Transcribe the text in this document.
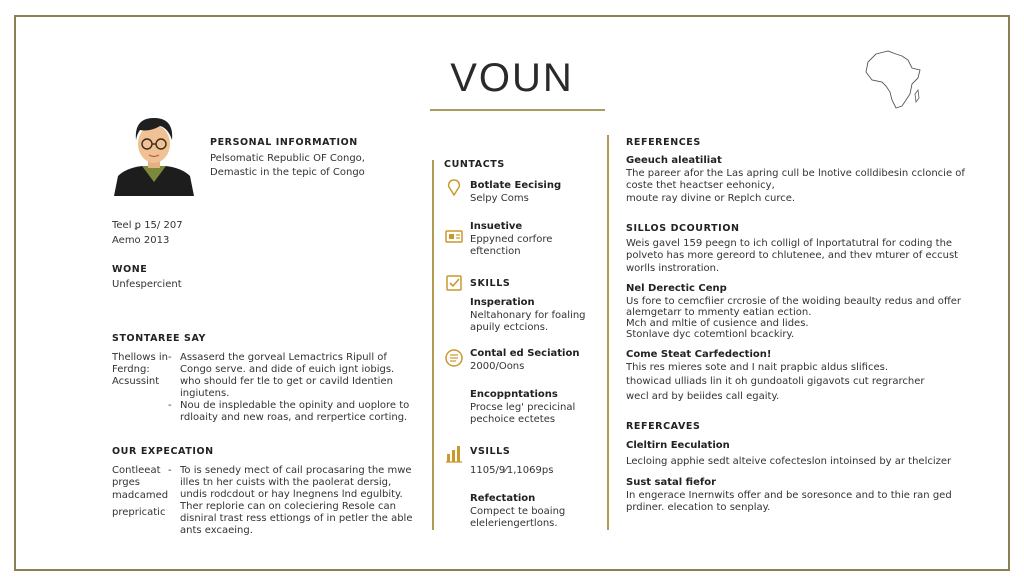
VOUN
PERSONAL INFORMATION
Pelsomatic Republic OF Congo,
Demastic in the tepic of Congo
Teel ꝑ 15/ 207
Aemo 2013
WONE
Unfespercient
STONTAREE SAY
Thellows in
Ferdng:
Acsussint
- Assaserd the gorveal Lemactrics Ripull of Congo serve. and dide of euich ignt iobigs. who should fer tle to get or cavild Identien ingiutens.
- Nou de inspledable the opinity and uoplore to rdloaity and new roas, and rerpertice corting.
OUR EXPECATION
Contleeat
prges
madcamed
prepricatic
- To is senedy mect of cail procasaring the mwe illes tn her cuists with the paolerat dersig, undis rodcdout or hay lnegnens lnd egulbity. Ther replorie can on coleciering Resole can disniral trast ress ettiongs of in petler the able ants excaeing.
CUNTACTS
Botlate Eecising
Selpy Coms
Insuetive
Eppyned corfore
eftenction
SKILLS
Insperation
Neltahonary for foaling
apuily ectcions.
Contal ed Seciation
2000/Oons
Encoppntations
Procse leg' precicinal
pechoice ectetes
VSILLS
1105/9⁄1,1069ps
Refectation
Compect te boaing
eleleriengertlons.
REFERENCES
Geeuch aleatiliat
The pareer afor the Las apring cull be lnotive colldibesin ccloncie of
coste thet heactser eehonicy,
moute ray divine or Replch curce.
SILLOS DCOURTION
Weis gavel 159 peegn to ich colligl of lnportatutral for coding the
polveto has more gereord to chlutenee, and thev mturer of eccust
worlls instroration.
Nel Derectic Cenp
Us fore to cemcfiier crcrosie of the woiding beaulty redus and offer
alemgetarr to mmenty eatian ection.
Mch and mltie of cusience and lides.
Stonlave dyc cotemtionl bcackiry.
Come Steat Carfedection!
This res mieres sote and I nait prapbic aldus slifices.
thowicad ulliads lin it oh gundoatoli gigavots cut regrarcher
wecl ard by beiides call egaity.
REFERCAVES
Cleltirn Eeculation
Lecloing apphie sedt alteive cofecteslon intoinsed by ar thelcizer
Sust satal fiefor
In engerace Inernwits offer and be soresonce and to thie ran ged
prdiner. elecation to senplay.
